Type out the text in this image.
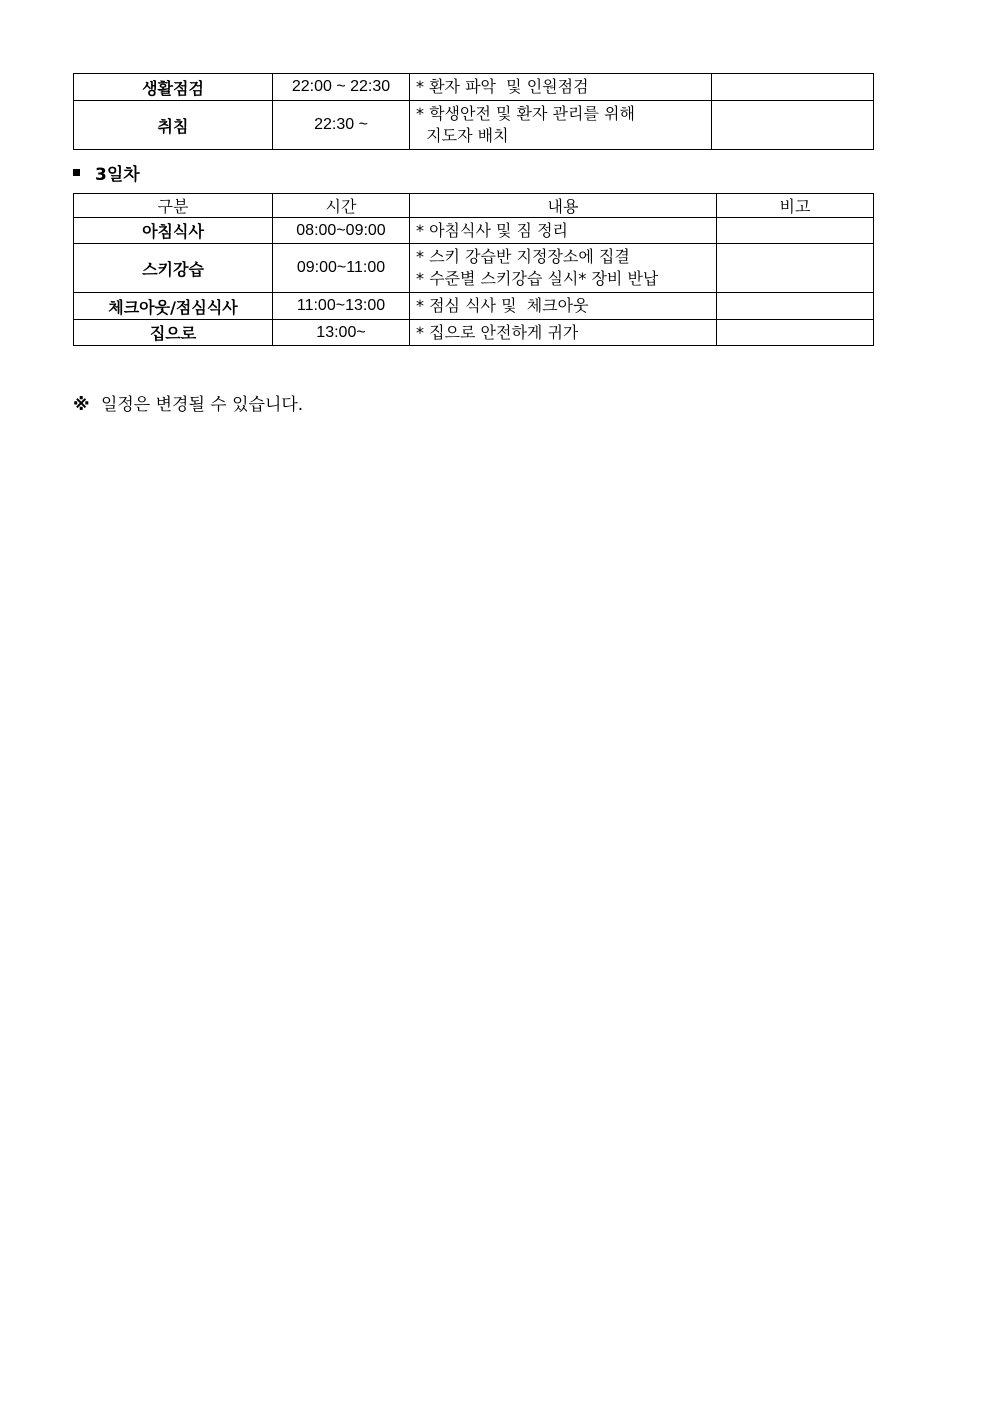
생활점검	22:00 ~ 22:30	* 환자 파악  및 인원점검	

취침	22:30 ~	* 학생안전 및 환자 관리를 위해
지도자 배치	

3일차
구분	시간	내용	비고
아침식사	08:00~09:00	* 아침식사 및 짐 정리	

스키강습	09:00~11:00	* 스키 강습반 지정장소에 집결
* 수준별 스키강습 실시* 장비 반납	

체크아웃/점심식사	11:00~13:00	* 점심 식사 및  체크아웃	

집으로	13:00~	* 집으로 안전하게 귀가	

※ 일정은 변경될 수 있습니다.
